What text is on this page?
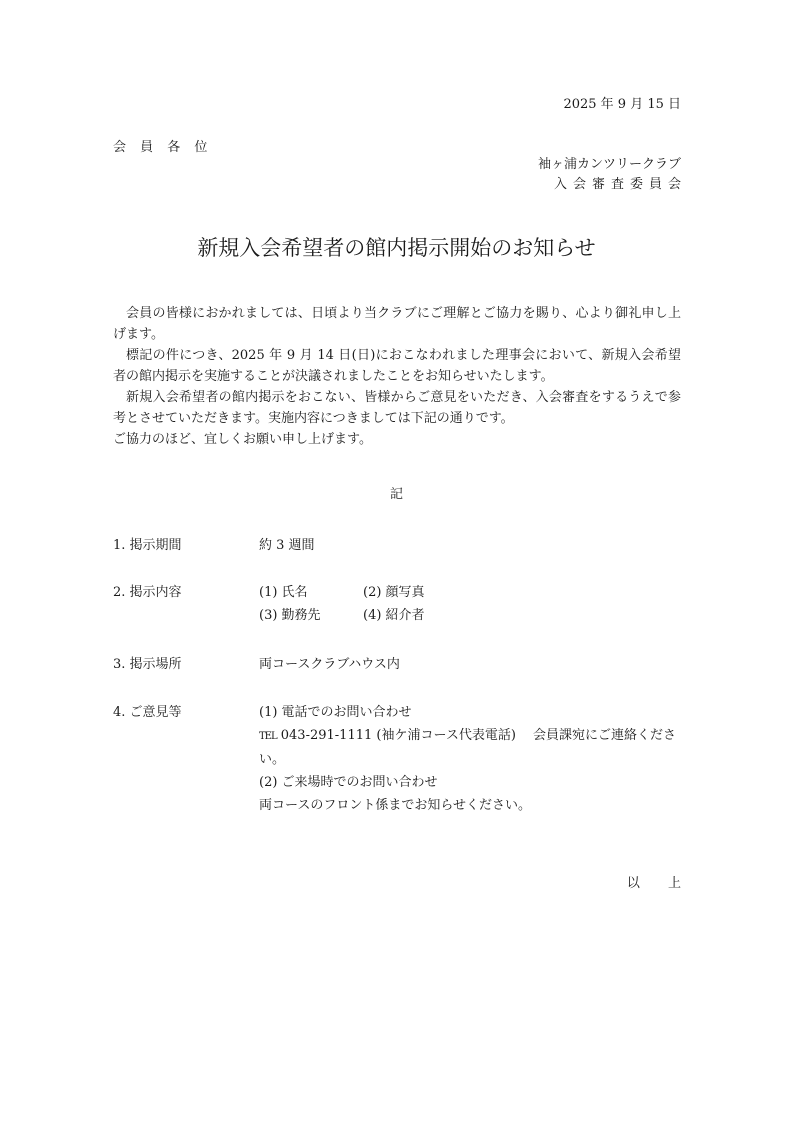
2025 年 9 月 15 日
会 員 各 位
袖ヶ浦カンツリークラブ
入会審査委員会
新規入会希望者の館内掲示開始のお知らせ

会員の皆様におかれましては、日頃より当クラブにご理解とご協力を賜り、心より御礼申し上げます。

標記の件につき、2025 年 9 月 14 日(日)におこなわれました理事会において、新規入会希望者の館内掲示を実施することが決議されましたことをお知らせいたします。

新規入会希望者の館内掲示をおこない、皆様からご意見をいただき、入会審査をするうえで参考とさせていただきます。実施内容につきましては下記の通りです。

ご協力のほど、宜しくお願い申し上げます。

記
1. 掲示期間	約 3 週間
2. 掲示内容	(1) 氏名	(2) 顔写真
(3) 勤務先	(4) 紹介者
3. 掲示場所	両コースクラブハウス内
4. ご意見等	(1) 電話でのお問い合わせ
TEL 043-291-1111 (袖ケ浦コース代表電話)　 会員課宛にご連絡くださ
い。
(2) ご来場時でのお問い合わせ
両コースのフロント係までお知らせください。
以 上
